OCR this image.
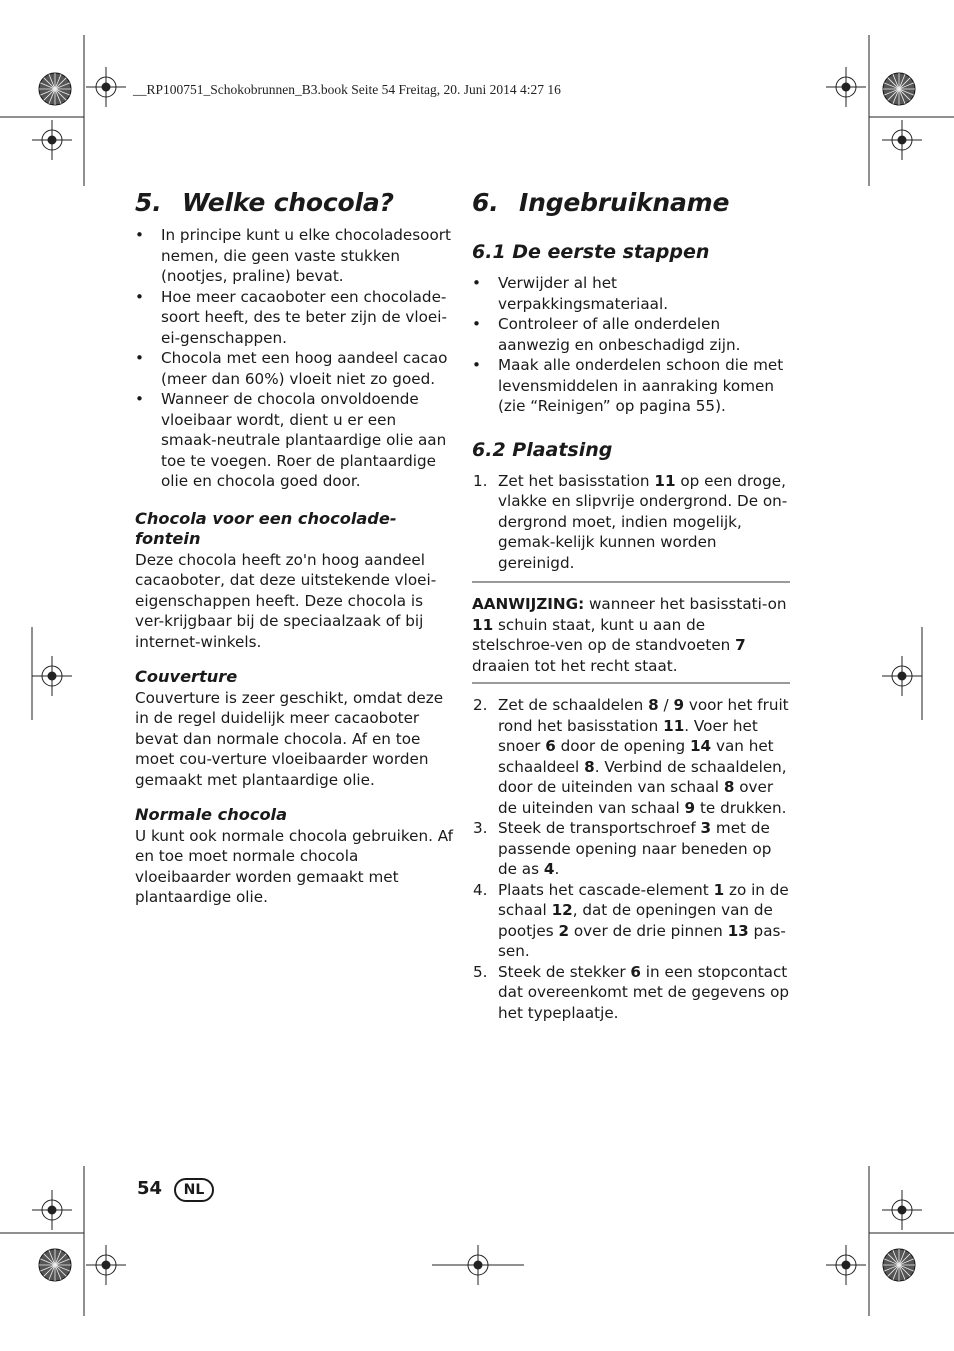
__RP100751_Schokobrunnen_B3.book Seite 54 Freitag, 20. Juni 2014 4:27 16
5. Welke chocola?
• In principe kunt u elke chocoladesoort nemen, die geen vaste stukken (nootjes, praline) bevat.
• Hoe meer cacaoboter een chocolade-soort heeft, des te beter zijn de vloei-ei-genschappen.
• Chocola met een hoog aandeel cacao (meer dan 60%) vloeit niet zo goed.
• Wanneer de chocola onvoldoende vloeibaar wordt, dient u er een smaak-neutrale plantaardige olie aan toe te voegen. Roer de plantaardige olie en chocola goed door.
Chocola voor een chocolade-fontein

Deze chocola heeft zo'n hoog aandeel cacaoboter, dat deze uitstekende vloei-eigenschappen heeft. Deze chocola is ver-krijgbaar bij de speciaalzaak of bij internet-winkels.

Couverture

Couverture is zeer geschikt, omdat deze in de regel duidelijk meer cacaoboter bevat dan normale chocola. Af en toe moet cou-verture vloeibaarder worden gemaakt met plantaardige olie.

Normale chocola

U kunt ook normale chocola gebruiken. Af en toe moet normale chocola vloeibaarder worden gemaakt met plantaardige olie.

6. Ingebruikname
6.1 De eerste stappen
• Verwijder al het verpakkingsmateriaal.
• Controleer of alle onderdelen aanwezig en onbeschadigd zijn.
• Maak alle onderdelen schoon die met levensmiddelen in aanraking komen (zie “Reinigen” op pagina 55).
6.2 Plaatsing
1. Zet het basisstation 11 op een droge, vlakke en slipvrije ondergrond. De on-dergrond moet, indien mogelijk, gemak-kelijk kunnen worden gereinigd.

AANWIJZING: wanneer het basisstati-on 11 schuin staat, kunt u aan de stelschroe-ven op de standvoeten 7 draaien tot het recht staat.

2. Zet de schaaldelen 8 / 9 voor het fruit rond het basisstation 11. Voer het snoer 6 door de opening 14 van het schaaldeel 8. Verbind de schaaldelen, door de uiteinden van schaal 8 over de uiteinden van schaal 9 te drukken.
3. Steek de transportschroef 3 met de passende opening naar beneden op de as 4.
4. Plaats het cascade-element 1 zo in de schaal 12, dat de openingen van de pootjes 2 over de drie pinnen 13 pas-sen.
5. Steek de stekker 6 in een stopcontact dat overeenkomt met de gegevens op het typeplaatje.
54	NL
